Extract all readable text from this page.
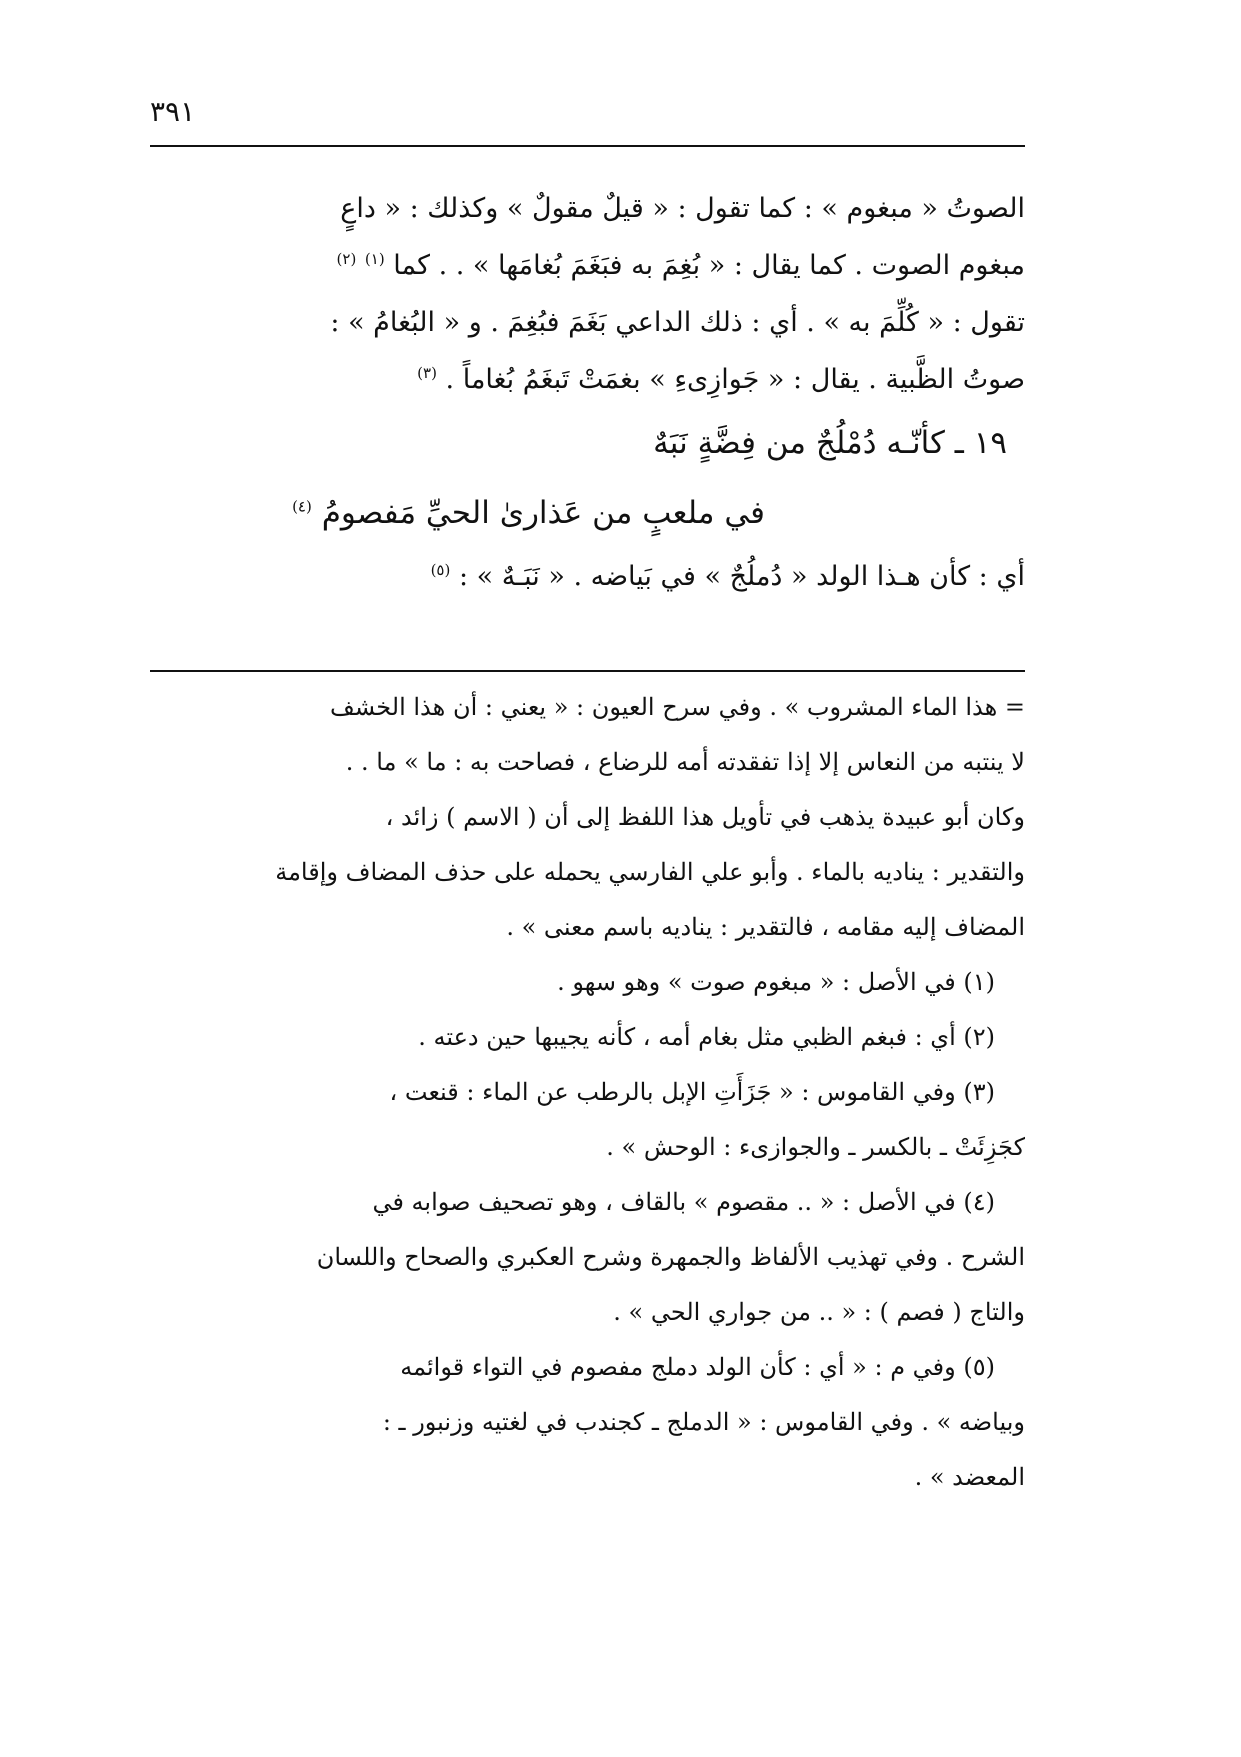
٣٩١
الصوتُ « مبغوم » : كما تقول : « قيلٌ مقولٌ » وكذلك : « داعٍ
مبغوم الصوت . كما يقال : « بُغِمَ به فبَغَمَ بُغامَها » . . كما $^{(١)}$ $^{(٢)}$
تقول : « كُلِّمَ به » . أي : ذلك الداعي بَغَمَ فبُغِمَ . و « البُغامُ » :
صوتُ الظَّبية . يقال : « جَوازِىءِ » بغمَتْ تَبغَمُ بُغاماً . $^{(٣)}$
١٩ ـ كأنّـه دُمْلُجٌ من فِضَّةٍ نَبَهٌ
في ملعبٍ من عَذارىٰ الحيِّ مَفصومُ $^{(٤)}$
أي : كأن هـذا الولد « دُملُجٌ » في بَياضه . « نَبَـهٌ » : $^{(٥)}$
= هذا الماء المشروب » . وفي سرح العيون : « يعني : أن هذا الخشف
لا ينتبه من النعاس إلا إذا تفقدته أمه للرضاع ، فصاحت به : ما » ما . .
وكان أبو عبيدة يذهب في تأويل هذا اللفظ إلى أن ( الاسم ) زائد ،
والتقدير : يناديه بالماء . وأبو علي الفارسي يحمله على حذف المضاف وإقامة
المضاف إليه مقامه ، فالتقدير : يناديه باسم معنى » .
(١) في الأصل : « مبغوم صوت » وهو سهو .
(٢) أي : فبغم الظبي مثل بغام أمه ، كأنه يجيبها حين دعته .
(٣) وفي القاموس : « جَزَأَتِ الإبل بالرطب عن الماء : قنعت ،
كجَزِئَتْ ـ بالكسر ـ والجوازىء : الوحش » .
(٤) في الأصل : « .. مقصوم » بالقاف ، وهو تصحيف صوابه في
الشرح . وفي تهذيب الألفاظ والجمهرة وشرح العكبري والصحاح واللسان
والتاج ( فصم ) : « .. من جواري الحي » .
(٥) وفي م : « أي : كأن الولد دملج مفصوم في التواء قوائمه
وبياضه » . وفي القاموس : « الدملج ـ كجندب في لغتيه وزنبور ـ :
المعضد » .
